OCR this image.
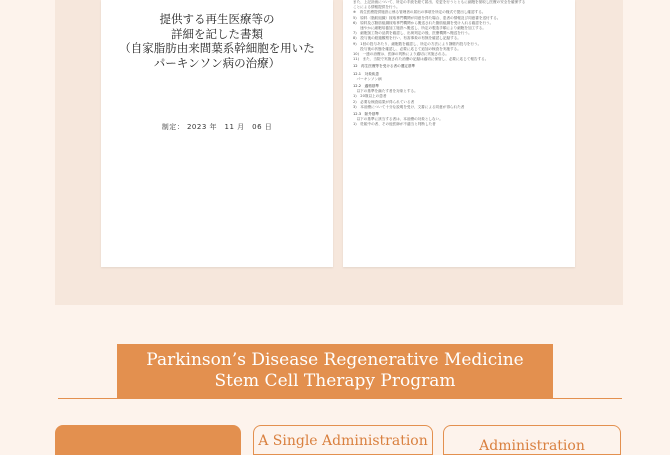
提供する再生医療等の
詳細を記した書類
（自家脂肪由来間葉系幹細胞を用いた
パーキンソン病の治療）
制定： 2023 年　11 月　06 日
また、上記計画について、所定の手続を経て届出、変更を行うとともに細胞を採取し医療の安全を確保する
ことによる情報提供を行う。
※　再生医療提供施設に係る管理者の届出の事項を所定の様式で提出し確認する。
5)　原料（脂肪組織）採取専門機関が同意を得た場合、患者の情報及び同意書を送付する。
6)　原料及び脂肪組織採取専門機関から搬送された脂肪組織を受け入れる確認を行う。
　　速やかに細胞培養加工施設へ搬送し、所定の製造手順により細胞を加工する。
7)　細胞加工物の品質を確認し、出荷判定の後、医療機関へ搬送を行う。
8)　投与後の経過観察を行い、有害事象の有無を確認し記録する。
9)　1回の投与あたり、細胞数を確認し、所定の方法により静脈内投与を行う。
　　投与後の状態を確認し、必要に応じて追加の検査を実施する。
10)　一連の治療は、医師の判断により適切に実施される。
11)　また、当院で実施された治療の記録は適切に保管し、必要に応じて報告する。
12　再生医療等を受ける者の選定基準
12.1　対象疾患
　パーキンソン病
12.2　適格基準
　以下の基準を満たす者を対象とする。
1)　20歳以上の患者
2)　必要な検査結果が得られている者
3)　本治療について十分な説明を受け、文書による同意が得られた者
12.3　除外基準
　以下の基準に該当する者は、本治療の対象としない。
1)　妊娠中の者、その他医師が不適当と判断した者
Parkinson’s Disease Regenerative Medicine
Stem Cell Therapy Program
A Single Administration	Administration
